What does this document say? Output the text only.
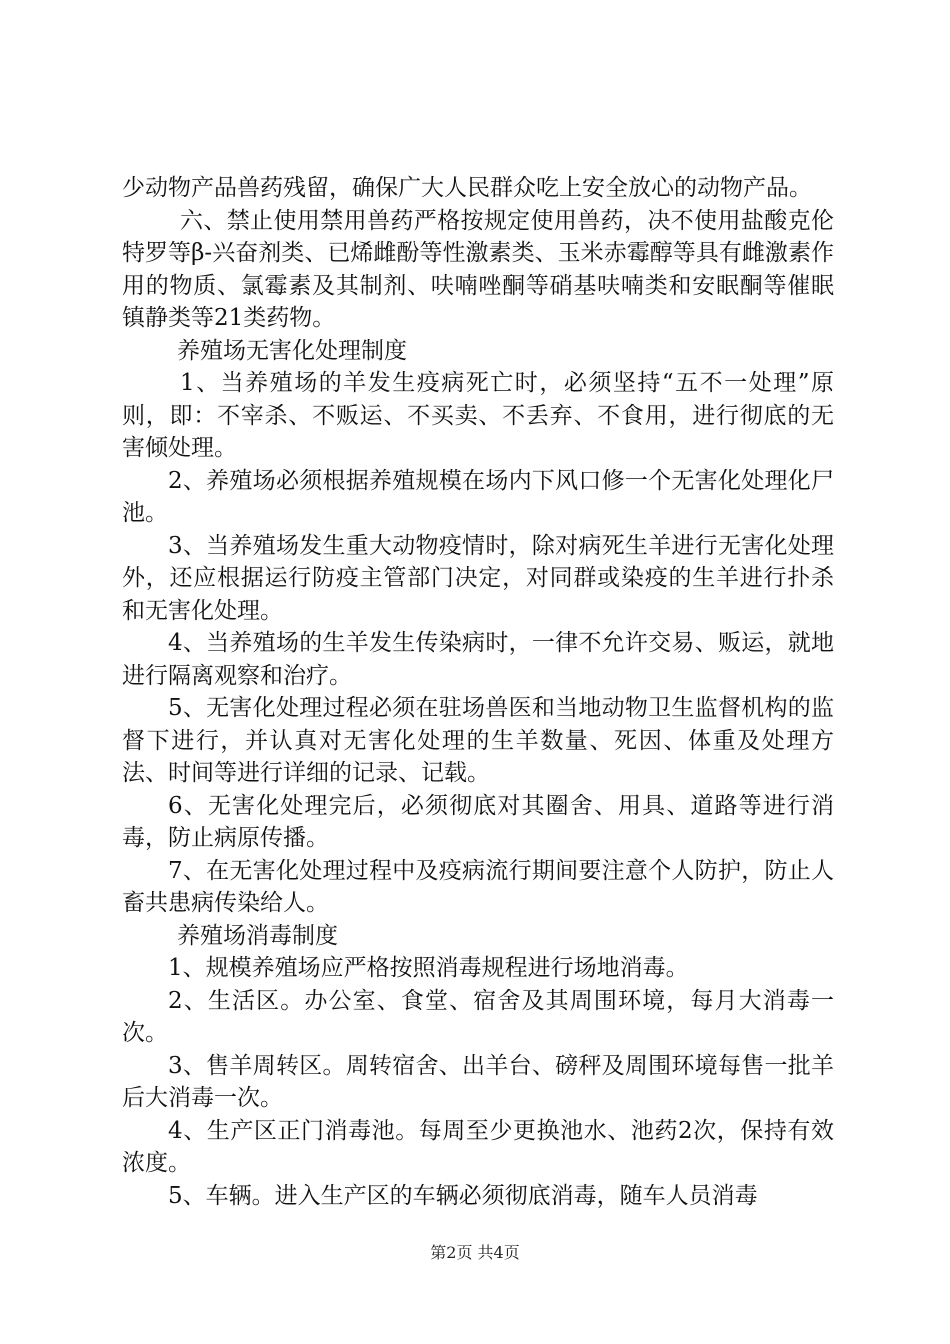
少动物产品兽药残留，确保广大人民群众吃上安全放心的动物产品。

六、禁止使用禁用兽药严格按规定使用兽药，决不使用盐酸克伦特罗等β-兴奋剂类、已烯雌酚等性激素类、玉米赤霉醇等具有雌激素作用的物质、氯霉素及其制剂、呋喃唑酮等硝基呋喃类和安眠酮等催眠镇静类等21类药物。

养殖场无害化处理制度

1、当养殖场的羊发生疫病死亡时，必须坚持“五不一处理”原则，即：不宰杀、不贩运、不买卖、不丢弃、不食用，进行彻底的无害倾处理。

2、养殖场必须根据养殖规模在场内下风口修一个无害化处理化尸池。

3、当养殖场发生重大动物疫情时，除对病死生羊进行无害化处理外，还应根据运行防疫主管部门决定，对同群或染疫的生羊进行扑杀和无害化处理。

4、当养殖场的生羊发生传染病时，一律不允许交易、贩运，就地进行隔离观察和治疗。

5、无害化处理过程必须在驻场兽医和当地动物卫生监督机构的监督下进行，并认真对无害化处理的生羊数量、死因、体重及处理方法、时间等进行详细的记录、记载。

6、无害化处理完后，必须彻底对其圈舍、用具、道路等进行消毒，防止病原传播。

7、在无害化处理过程中及疫病流行期间要注意个人防护，防止人畜共患病传染给人。

养殖场消毒制度

1、规模养殖场应严格按照消毒规程进行场地消毒。

2、生活区。办公室、食堂、宿舍及其周围环境，每月大消毒一次。

3、售羊周转区。周转宿舍、出羊台、磅秤及周围环境每售一批羊后大消毒一次。

4、生产区正门消毒池。每周至少更换池水、池药2次，保持有效浓度。

5、车辆。进入生产区的车辆必须彻底消毒，随车人员消毒

第2页 共4页
